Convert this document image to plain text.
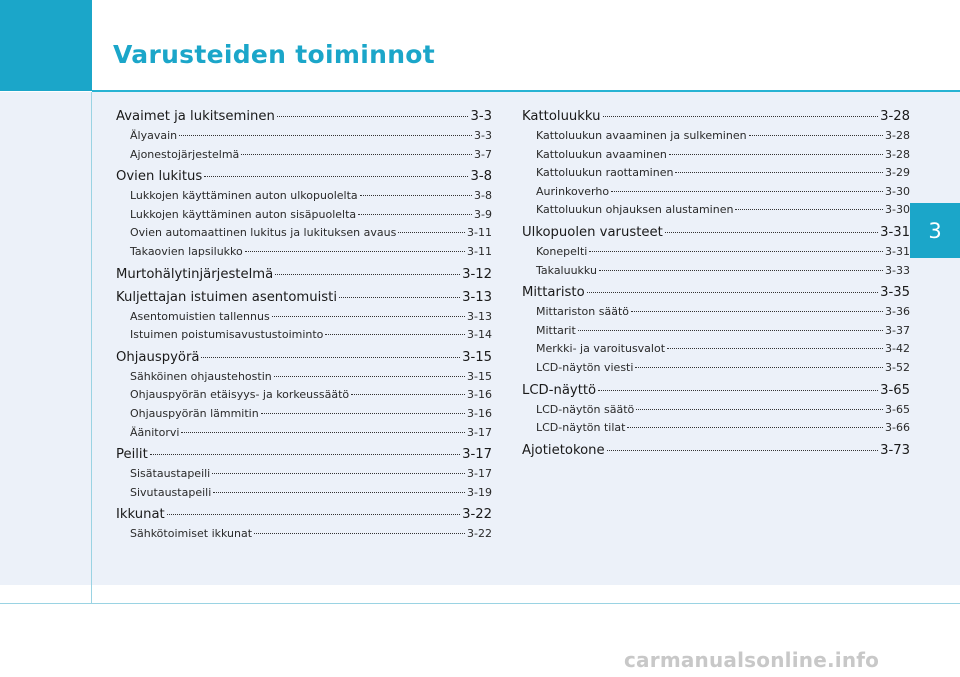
Varusteiden toiminnot
3
Avaimet ja lukitseminen	3-3
Älyavain	3-3
Ajonestojärjestelmä	3-7
Ovien lukitus	3-8
Lukkojen käyttäminen auton ulkopuolelta	3-8
Lukkojen käyttäminen auton sisäpuolelta	3-9
Ovien automaattinen lukitus ja lukituksen avaus	3-11
Takaovien lapsilukko	3-11
Murtohälytinjärjestelmä	3-12
Kuljettajan istuimen asentomuisti	3-13
Asentomuistien tallennus	3-13
Istuimen poistumisavustustoiminto	3-14
Ohjauspyörä	3-15
Sähköinen ohjaustehostin	3-15
Ohjauspyörän etäisyys- ja korkeussäätö	3-16
Ohjauspyörän lämmitin	3-16
Äänitorvi	3-17
Peilit	3-17
Sisätaustapeili	3-17
Sivutaustapeili	3-19
Ikkunat	3-22
Sähkötoimiset ikkunat	3-22
Kattoluukku	3-28
Kattoluukun avaaminen ja sulkeminen	3-28
Kattoluukun avaaminen	3-28
Kattoluukun raottaminen	3-29
Aurinkoverho	3-30
Kattoluukun ohjauksen alustaminen	3-30
Ulkopuolen varusteet	3-31
Konepelti	3-31
Takaluukku	3-33
Mittaristo	3-35
Mittariston säätö	3-36
Mittarit	3-37
Merkki- ja varoitusvalot	3-42
LCD-näytön viesti	3-52
LCD-näyttö	3-65
LCD-näytön säätö	3-65
LCD-näytön tilat	3-66
Ajotietokone	3-73
carmanualsonline.info
